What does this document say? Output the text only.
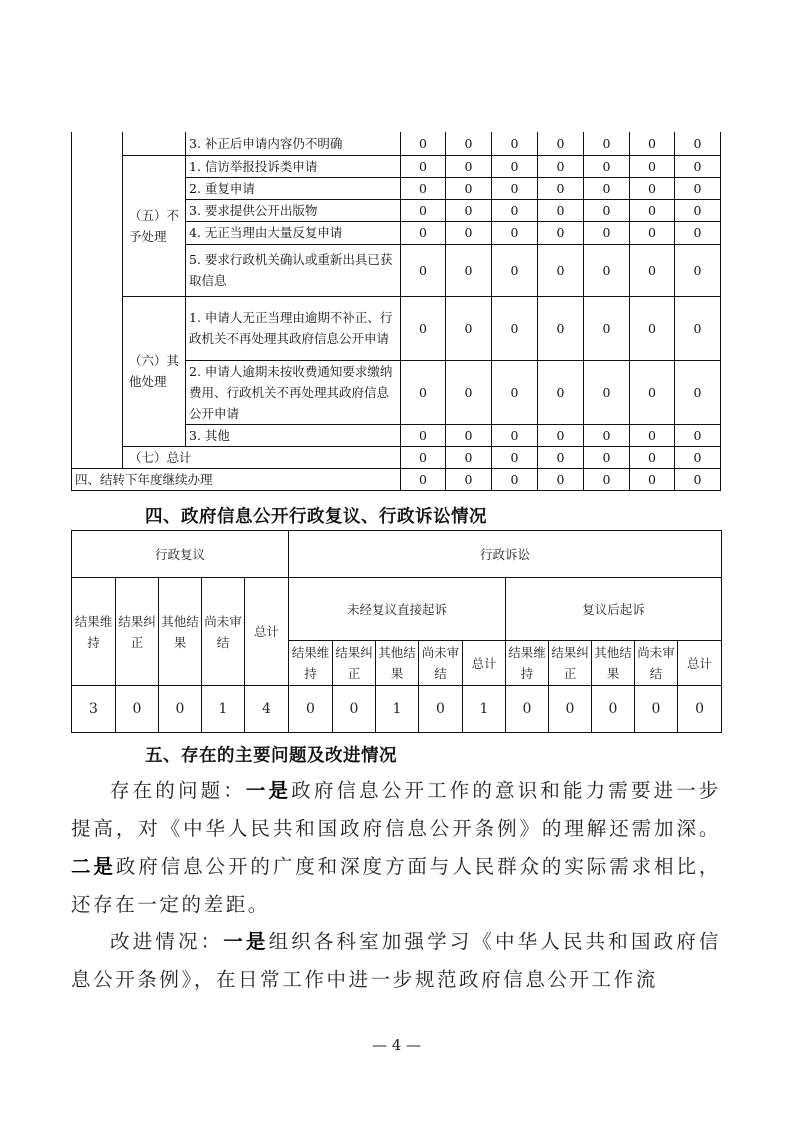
		3. 补正后申请内容仍不明确	0	0	0	0	0	0	0
	（五）不予处理	1. 信访举报投诉类申请	0	0	0	0	0	0	0
		2. 重复申请	0	0	0	0	0	0	0
		3. 要求提供公开出版物	0	0	0	0	0	0	0
		4. 无正当理由大量反复申请	0	0	0	0	0	0	0
		5. 要求行政机关确认或重新出具已获取信息	0	0	0	0	0	0	0
	（六）其他处理	1. 申请人无正当理由逾期不补正、行政机关不再处理其政府信息公开申请	0	0	0	0	0	0	0
		2. 申请人逾期未按收费通知要求缴纳费用、行政机关不再处理其政府信息公开申请	0	0	0	0	0	0	0
		3. 其他	0	0	0	0	0	0	0
	（七）总计		0	0	0	0	0	0	0
四、结转下年度继续办理			0	0	0	0	0	0	0
四、政府信息公开行政复议、行政诉讼情况
行政复议					行政诉讼									
结果维持	结果纠正	其他结果	尚未审结	总计	未经复议直接起诉					复议后起诉				
					结果维持	结果纠正	其他结果	尚未审结	总计	结果维持	结果纠正	其他结果	尚未审结	总计
3	0	0	1	4	0	0	1	0	1	0	0	0	0	0
五、存在的主要问题及改进情况

存在的问题：一是政府信息公开工作的意识和能力需要进一步提高，对《中华人民共和国政府信息公开条例》的理解还需加深。二是政府信息公开的广度和深度方面与人民群众的实际需求相比，还存在一定的差距。

改进情况：一是组织各科室加强学习《中华人民共和国政府信息公开条例》，在日常工作中进一步规范政府信息公开工作流

— 4 —
